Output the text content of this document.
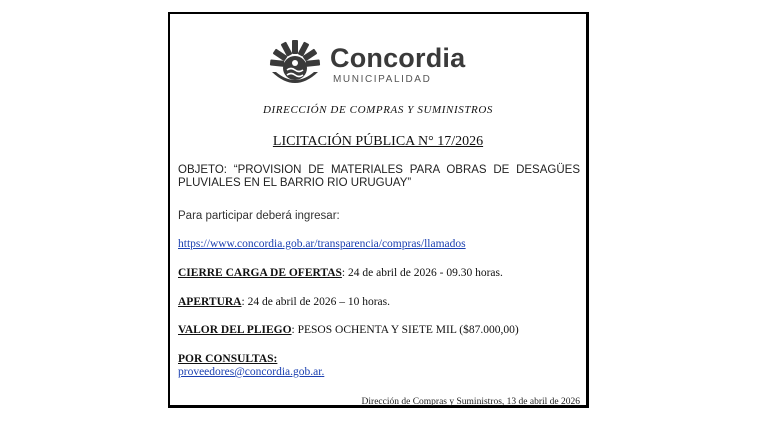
Concordia
MUNICIPALIDAD
DIRECCIÓN DE COMPRAS Y SUMINISTROS
LICITACIÓN PÚBLICA N° 17/2026
OBJETO: “PROVISION DE MATERIALES PARA OBRAS DE DESAGÜES PLUVIALES EN EL BARRIO RIO URUGUAY”
Para participar deberá ingresar:
https://www.concordia.gob.ar/transparencia/compras/llamados
CIERRE CARGA DE OFERTAS: 24 de abril de 2026 - 09.30 horas.
APERTURA: 24 de abril de 2026 – 10 horas.
VALOR DEL PLIEGO: PESOS OCHENTA Y SIETE MIL ($87.000,00)
POR CONSULTAS:
proveedores@concordia.gob.ar.
Dirección de Compras y Suministros, 13 de abril de 2026
